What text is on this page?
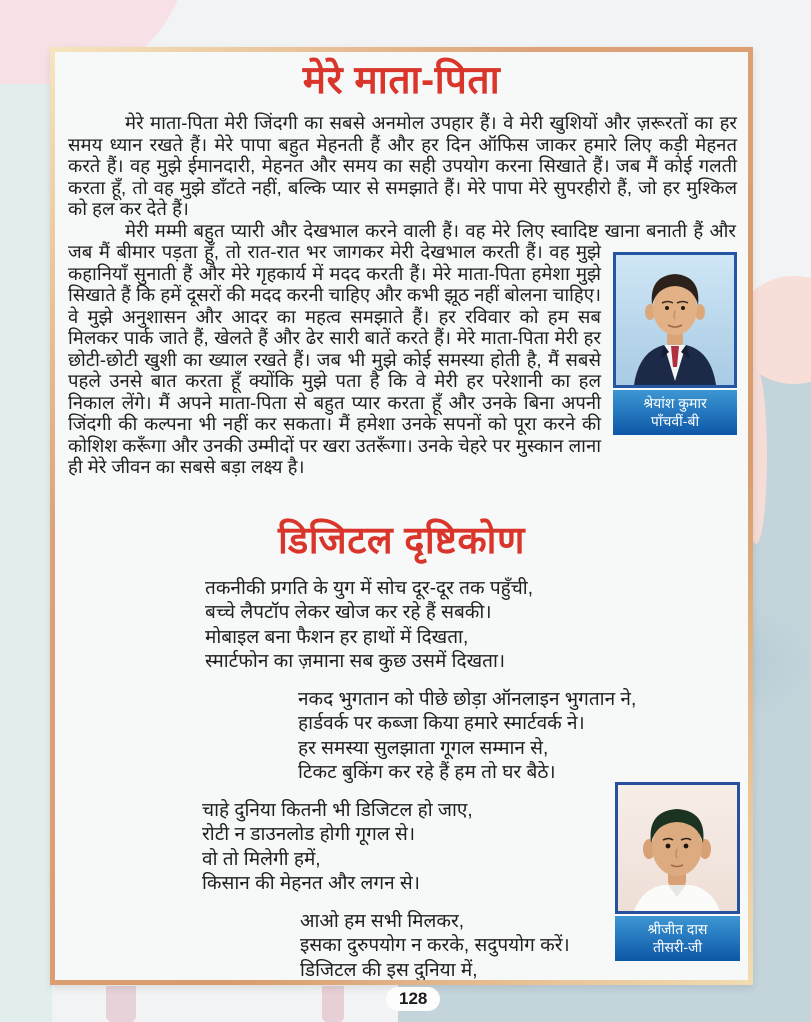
मेरे माता-पिता

मेरे माता-पिता मेरी जिंदगी का सबसे अनमोल उपहार हैं। वे मेरी खुशियों और ज़रूरतों का हर समय ध्यान रखते हैं। मेरे पापा बहुत मेहनती हैं और हर दिन ऑफिस जाकर हमारे लिए कड़ी मेहनत करते हैं। वह मुझे ईमानदारी, मेहनत और समय का सही उपयोग करना सिखाते हैं। जब मैं कोई गलती करता हूँ, तो वह मुझे डाँटते नहीं, बल्कि प्यार से समझाते हैं। मेरे पापा मेरे सुपरहीरो हैं, जो हर मुश्किल को हल कर देते हैं।

श्रेयांश कुमार
पाँचवीं-बी
मेरी मम्मी बहुत प्यारी और देखभाल करने वाली हैं। वह मेरे लिए स्वादिष्ट खाना बनाती हैं और जब मैं बीमार पड़ता हूँ, तो रात-रात भर जागकर मेरी देखभाल करती हैं। वह मुझे कहानियाँ सुनाती हैं और मेरे गृहकार्य में मदद करती हैं। मेरे माता-पिता हमेशा मुझे सिखाते हैं कि हमें दूसरों की मदद करनी चाहिए और कभी झूठ नहीं बोलना चाहिए। वे मुझे अनुशासन और आदर का महत्व समझाते हैं। हर रविवार को हम सब मिलकर पार्क जाते हैं, खेलते हैं और ढेर सारी बातें करते हैं। मेरे माता-पिता मेरी हर छोटी-छोटी खुशी का ख्याल रखते हैं। जब भी मुझे कोई समस्या होती है, मैं सबसे पहले उनसे बात करता हूँ क्योंकि मुझे पता है कि वे मेरी हर परेशानी का हल निकाल लेंगे। मैं अपने माता-पिता से बहुत प्यार करता हूँ और उनके बिना अपनी जिंदगी की कल्पना भी नहीं कर सकता। मैं हमेशा उनके सपनों को पूरा करने की कोशिश करूँगा और उनकी उम्मीदों पर खरा उतरूँगा। उनके चेहरे पर मुस्कान लाना ही मेरे जीवन का सबसे बड़ा लक्ष्य है।

डिजिटल दृष्टिकोण
तकनीकी प्रगति के युग में सोच दूर-दूर तक पहुँची,
बच्चे लैपटॉप लेकर खोज कर रहे हैं सबकी।
मोबाइल बना फैशन हर हाथों में दिखता,
स्मार्टफोन का ज़माना सब कुछ उसमें दिखता।
नकद भुगतान को पीछे छोड़ा ऑनलाइन भुगतान ने,
हार्डवर्क पर कब्जा किया हमारे स्मार्टवर्क ने।
हर समस्या सुलझाता गूगल सम्मान से,
टिकट बुकिंग कर रहे हैं हम तो घर बैठे।
चाहे दुनिया कितनी भी डिजिटल हो जाए,
रोटी न डाउनलोड होगी गूगल से।
वो तो मिलेगी हमें,
किसान की मेहनत और लगन से।
आओ हम सभी मिलकर,
इसका दुरुपयोग न करके, सदुपयोग करें।
डिजिटल की इस दुनिया में,
श्रीजीत दास
तीसरी-जी
128
